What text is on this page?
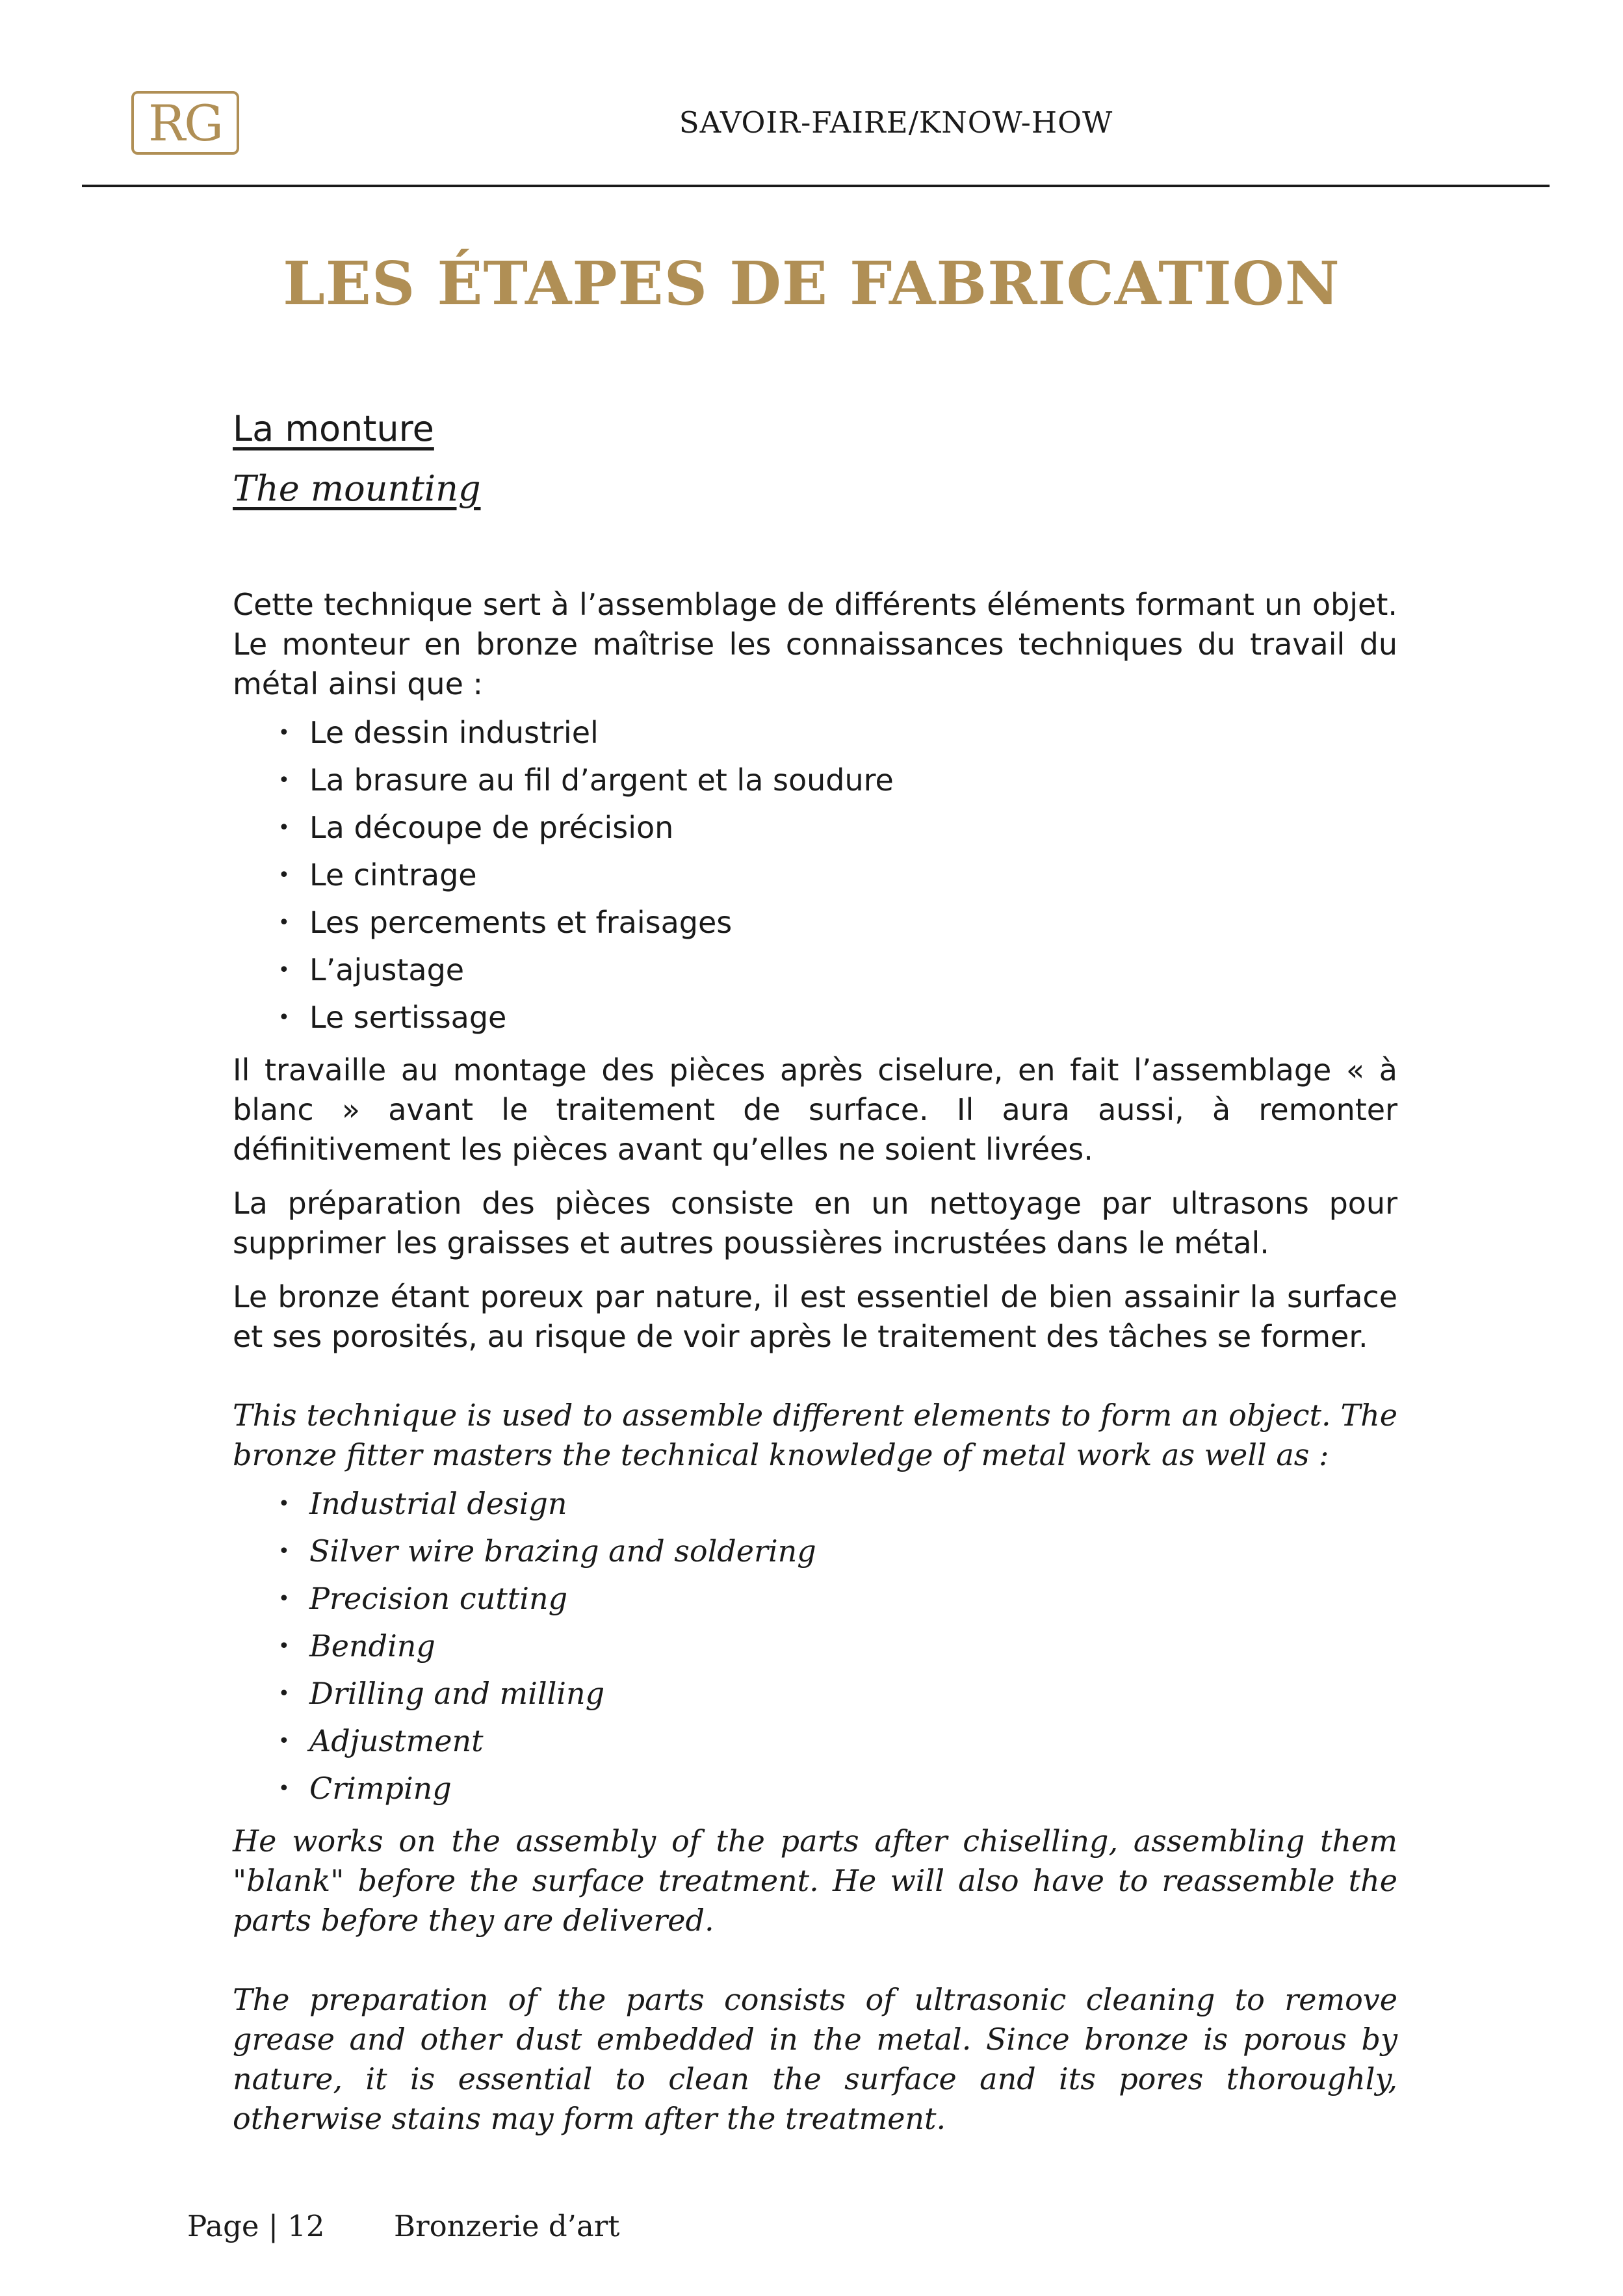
RG	SAVOIR-FAIRE/KNOW-HOW
LES ÉTAPES DE FABRICATION
La monture
The mounting

Cette technique sert à l’assemblage de différents éléments formant un objet. Le monteur en bronze maîtrise les connaissances techniques du travail du métal ainsi que :

• Le dessin industriel
• La brasure au fil d’argent et la soudure
• La découpe de précision
• Le cintrage
• Les percements et fraisages
• L’ajustage
• Le sertissage

Il travaille au montage des pièces après ciselure, en fait l’assemblage « à blanc » avant le traitement de surface. Il aura aussi, à remonter définitivement les pièces avant qu’elles ne soient livrées.

La préparation des pièces consiste en un nettoyage par ultrasons pour supprimer les graisses et autres poussières incrustées dans le métal.

Le bronze étant poreux par nature, il est essentiel de bien assainir la surface et ses porosités, au risque de voir après le traitement des tâches se former.

This technique is used to assemble different elements to form an object. The bronze fitter masters the technical knowledge of metal work as well as :

• Industrial design
• Silver wire brazing and soldering
• Precision cutting
• Bending
• Drilling and milling
• Adjustment
• Crimping

He works on the assembly of the parts after chiselling, assembling them "blank" before the surface treatment. He will also have to reassemble the parts before they are delivered.

The preparation of the parts consists of ultrasonic cleaning to remove grease and other dust embedded in the metal. Since bronze is porous by nature, it is essential to clean the surface and its pores thoroughly, otherwise stains may form after the treatment.

Page | 12 Bronzerie d’art
